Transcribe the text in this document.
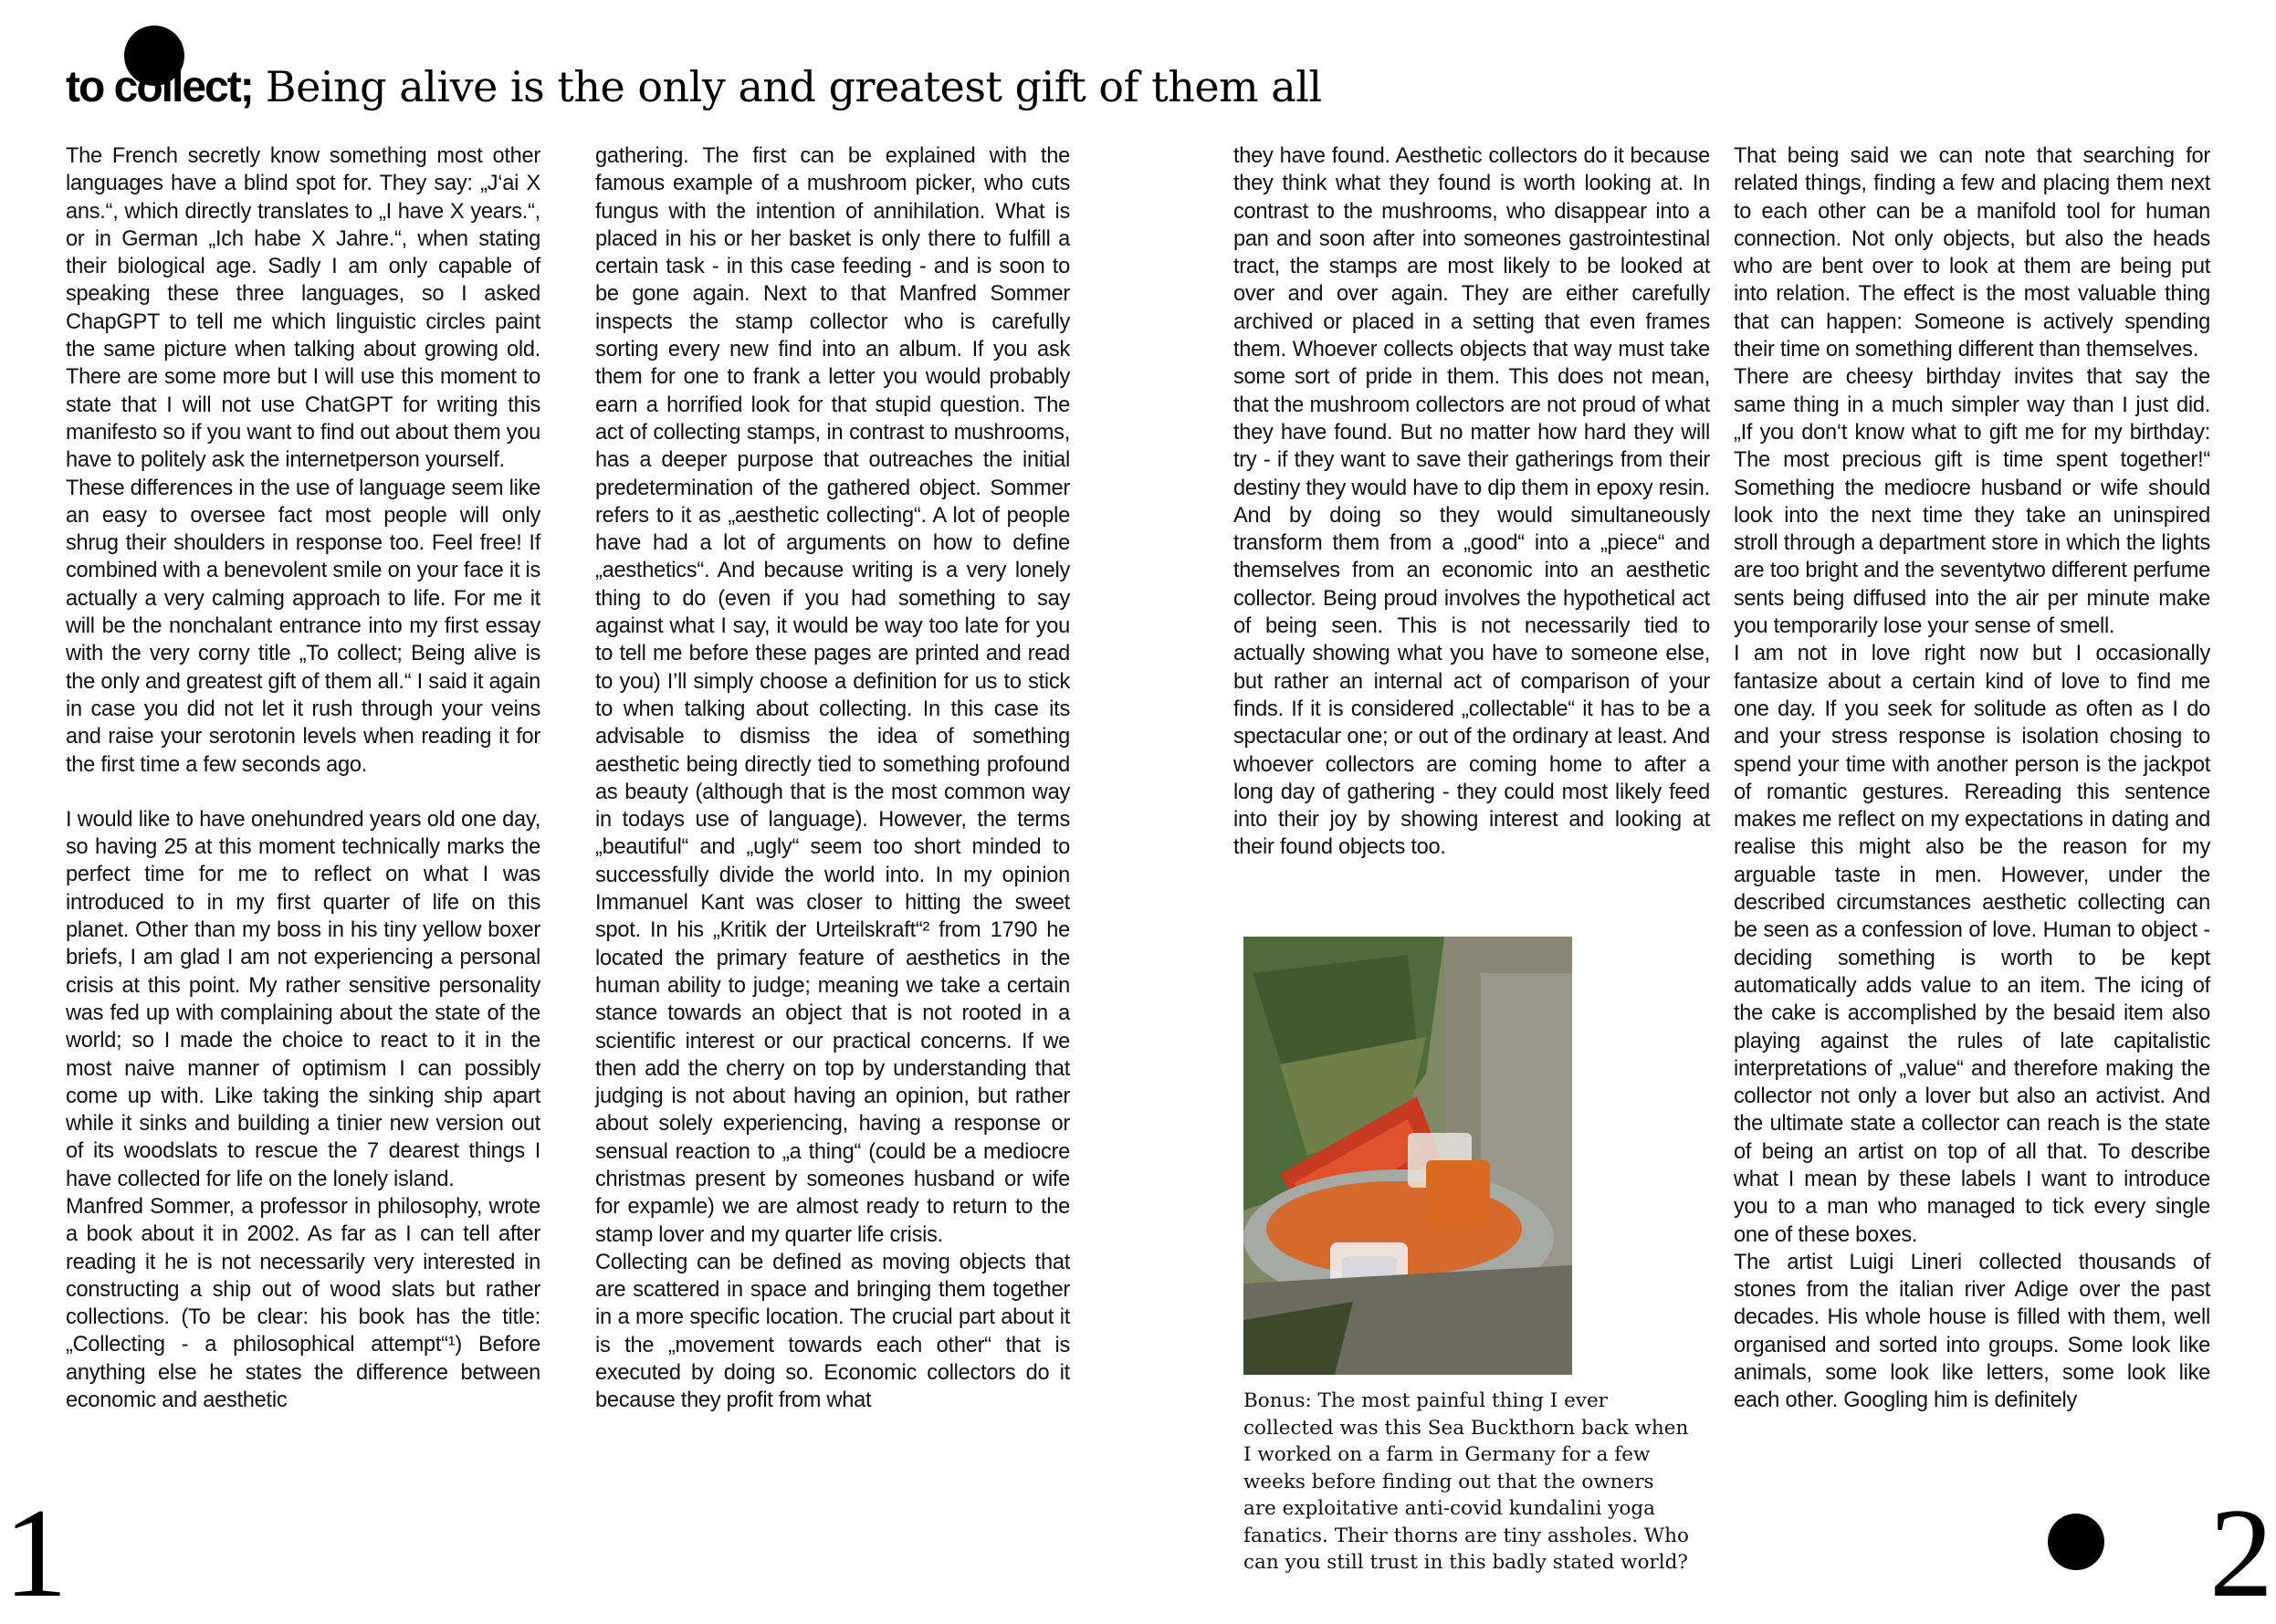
to collect; Being alive is the only and greatest gift of them all

The French secretly know something most other languages have a blind spot for. They say: „J‘ai X ans.“, which directly translates to „I have X years.“, or in German „Ich habe X Jahre.“, when stating their biological age. Sadly I am only capable of speaking these three languages, so I asked ChapGPT to tell me which linguistic circles paint the same picture when talking about growing old. There are some more but I will use this moment to state that I will not use ChatGPT for writing this manifesto so if you want to find out about them you have to politely ask the internetperson yourself.

These differences in the use of language seem like an easy to oversee fact most people will only shrug their shoulders in response too. Feel free! If combined with a benevolent smile on your face it is actually a very calming approach to life. For me it will be the nonchalant entrance into my first essay with the very corny title „To collect; Being alive is the only and greatest gift of them all.“ I said it again in case you did not let it rush through your veins and raise your serotonin levels when reading it for the first time a few seconds ago.

I would like to have onehundred years old one day, so having 25 at this moment technically marks the perfect time for me to reflect on what I was introduced to in my first quarter of life on this planet. Other than my boss in his tiny yellow boxer briefs, I am glad I am not experiencing a personal crisis at this point. My rather sensitive personality was fed up with complaining about the state of the world; so I made the choice to react to it in the most naive manner of optimism I can possibly come up with. Like taking the sinking ship apart while it sinks and building a tinier new version out of its woodslats to rescue the 7 dearest things I have collected for life on the lonely island.

Manfred Sommer, a professor in philosophy, wrote a book about it in 2002. As far as I can tell after reading it he is not necessarily very interested in constructing a ship out of wood slats but rather collections. (To be clear: his book has the title: „Collecting - a philosophical attempt“¹) Before anything else he states the difference between economic and aesthetic

gathering. The first can be explained with the famous example of a mushroom picker, who cuts fungus with the intention of annihilation. What is placed in his or her basket is only there to fulfill a certain task - in this case feeding - and is soon to be gone again. Next to that Manfred Sommer inspects the stamp collector who is carefully sorting every new find into an album. If you ask them for one to frank a letter you would probably earn a horrified look for that stupid question. The act of collecting stamps, in contrast to mushrooms, has a deeper purpose that outreaches the initial predetermination of the gathered object. Sommer refers to it as „aesthetic collecting“. A lot of people have had a lot of arguments on how to define „aesthetics“. And because writing is a very lonely thing to do (even if you had something to say against what I say, it would be way too late for you to tell me before these pages are printed and read to you) I’ll simply choose a definition for us to stick to when talking about collecting. In this case its advisable to dismiss the idea of something aesthetic being directly tied to something profound as beauty (although that is the most common way in todays use of language). However, the terms „beautiful“ and „ugly“ seem too short minded to successfully divide the world into. In my opinion Immanuel Kant was closer to hitting the sweet spot. In his „Kritik der Urteilskraft“² from 1790 he located the primary feature of aesthetics in the human ability to judge; meaning we take a certain stance towards an object that is not rooted in a scientific interest or our practical concerns. If we then add the cherry on top by understanding that judging is not about having an opinion, but rather about solely experiencing, having a response or sensual reaction to „a thing“ (could be a mediocre christmas present by someones husband or wife for expamle) we are almost ready to return to the stamp lover and my quarter life crisis.

Collecting can be defined as moving objects that are scattered in space and bringing them together in a more specific location. The crucial part about it is the „movement towards each other“ that is executed by doing so. Economic collectors do it because they profit from what

they have found. Aesthetic collectors do it because they think what they found is worth looking at. In contrast to the mushrooms, who disappear into a pan and soon after into someones gastrointestinal tract, the stamps are most likely to be looked at over and over again. They are either carefully archived or placed in a setting that even frames them. Whoever collects objects that way must take some sort of pride in them. This does not mean, that the mushroom collectors are not proud of what they have found. But no matter how hard they will try - if they want to save their gatherings from their destiny they would have to dip them in epoxy resin. And by doing so they would simultaneously transform them from a „good“ into a „piece“ and themselves from an economic into an aesthetic collector. Being proud involves the hypothetical act of being seen. This is not necessarily tied to actually showing what you have to someone else, but rather an internal act of comparison of your finds. If it is considered „collectable“ it has to be a spectacular one; or out of the ordinary at least. And whoever collectors are coming home to after a long day of gathering - they could most likely feed into their joy by showing interest and looking at their found objects too.

That being said we can note that searching for related things, finding a few and placing them next to each other can be a manifold tool for human connection. Not only objects, but also the heads who are bent over to look at them are being put into relation. The effect is the most valuable thing that can happen: Someone is actively spending their time on something different than themselves.

There are cheesy birthday invites that say the same thing in a much simpler way than I just did. „If you don‘t know what to gift me for my birthday: The most precious gift is time spent together!“ Something the mediocre husband or wife should look into the next time they take an uninspired stroll through a department store in which the lights are too bright and the seventytwo different perfume sents being diffused into the air per minute make you temporarily lose your sense of smell.

I am not in love right now but I occasionally fantasize about a certain kind of love to find me one day. If you seek for solitude as often as I do and your stress response is isolation chosing to spend your time with another person is the jackpot of romantic gestures. Rereading this sentence makes me reflect on my expectations in dating and realise this might also be the reason for my arguable taste in men. However, under the described circumstances aesthetic collecting can be seen as a confession of love. Human to object - deciding something is worth to be kept automatically adds value to an item. The icing of the cake is accomplished by the besaid item also playing against the rules of late capitalistic interpretations of „value“ and therefore making the collector not only a lover but also an activist. And the ultimate state a collector can reach is the state of being an artist on top of all that. To describe what I mean by these labels I want to introduce you to a man who managed to tick every single one of these boxes.

The artist Luigi Lineri collected thousands of stones from the italian river Adige over the past decades. His whole house is filled with them, well organised and sorted into groups. Some look like animals, some look like letters, some look like each other. Googling him is definitely

Bonus: The most painful thing I ever collected was this Sea Buckthorn back when I worked on a farm in Germany for a few weeks before finding out that the owners are exploitative anti-covid kundalini yoga fanatics. Their thorns are tiny assholes. Who can you still trust in this badly stated world?
1	2
